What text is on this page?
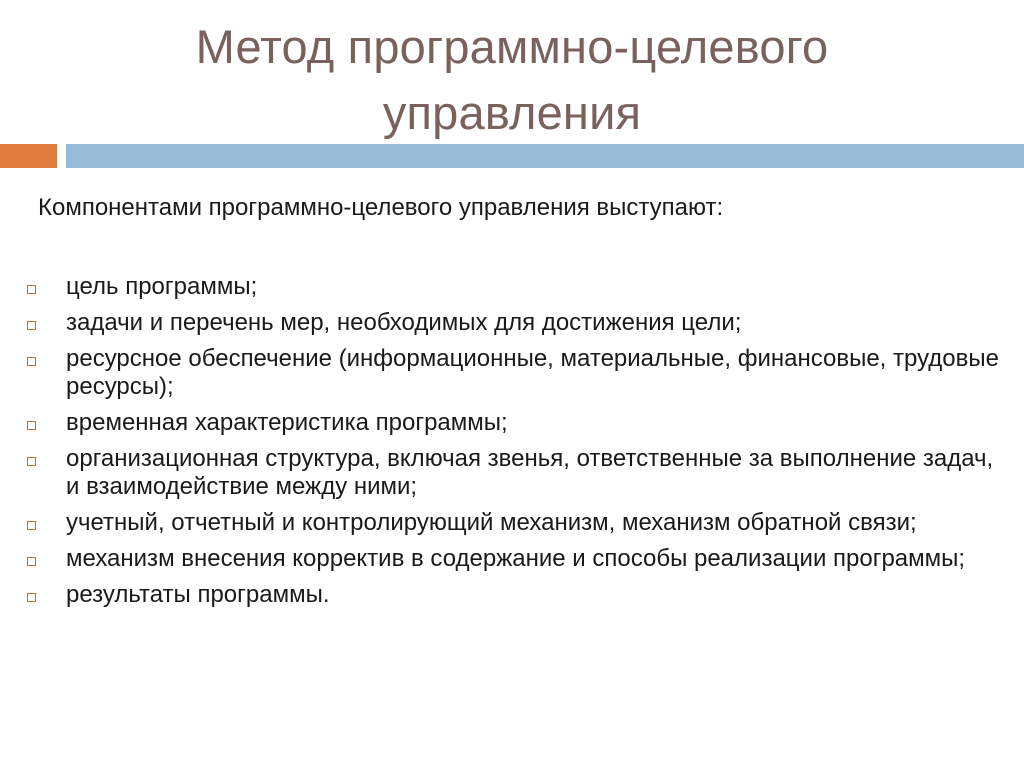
Метод программно-целевого
управления
Компонентами программно-целевого управления выступают:
цель программы;
задачи и перечень мер, необходимых для достижения цели;
ресурсное обеспечение (информационные, материальные, финансовые, трудовые ресурсы);
временная характеристика программы;
организационная структура, включая звенья, ответственные за выполнение задач, и взаимодействие между ними;
учетный, отчетный и контролирующий механизм, механизм обратной связи;
механизм внесения корректив в содержание и способы реализации программы;
результаты программы.
